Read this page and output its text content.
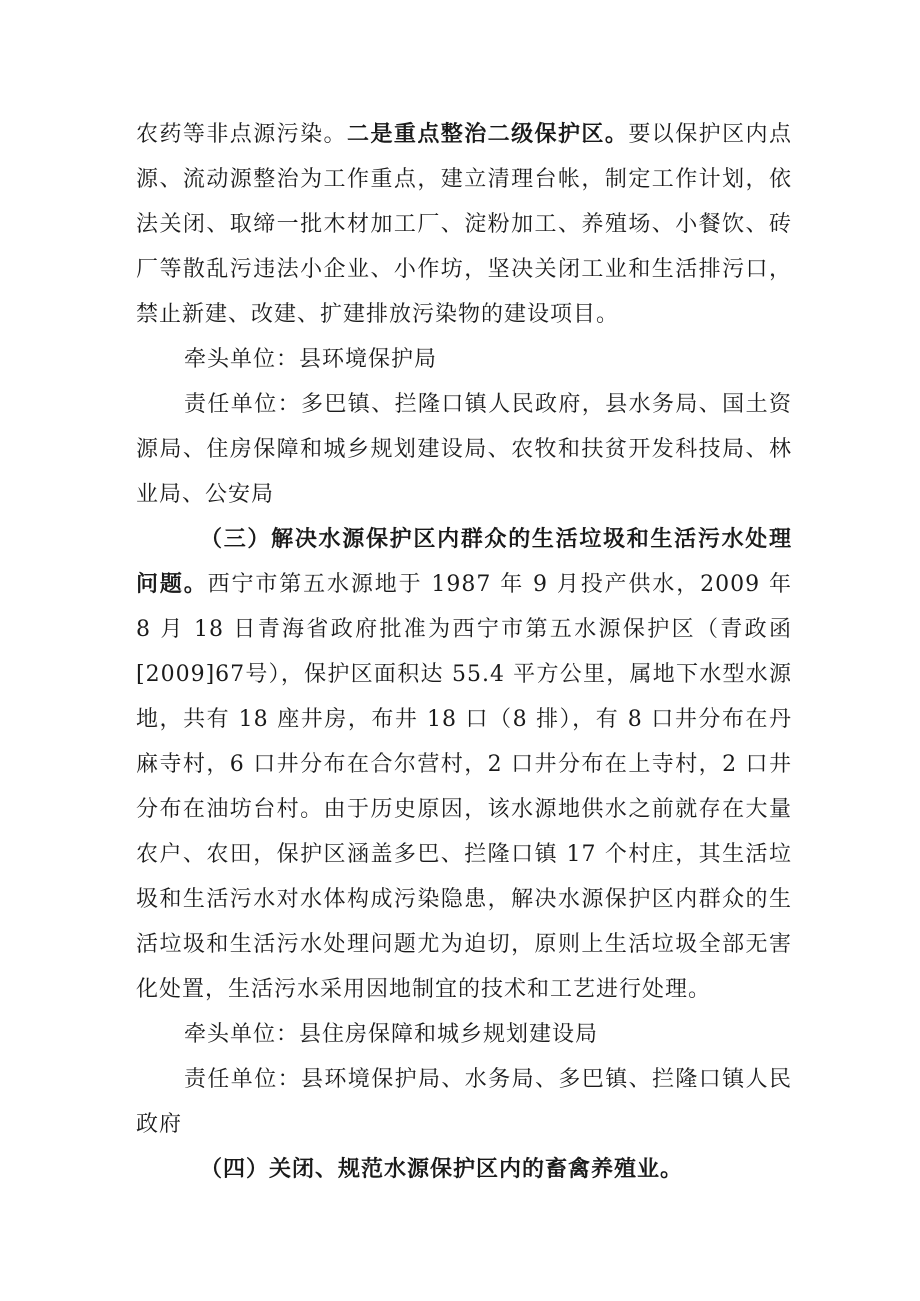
农药等非点源污染。二是重点整治二级保护区。要以保护区内点源、流动源整治为工作重点，建立清理台帐，制定工作计划，依法关闭、取缔一批木材加工厂、淀粉加工、养殖场、小餐饮、砖厂等散乱污违法小企业、小作坊，坚决关闭工业和生活排污口，禁止新建、改建、扩建排放污染物的建设项目。

牵头单位：县环境保护局

责任单位：多巴镇、拦隆口镇人民政府，县水务局、国土资源局、住房保障和城乡规划建设局、农牧和扶贫开发科技局、林业局、公安局

（三）解决水源保护区内群众的生活垃圾和生活污水处理问题。西宁市第五水源地于 1987 年 9 月投产供水，2009 年 8 月 18 日青海省政府批准为西宁市第五水源保护区（青政函[2009]67号），保护区面积达 55.4 平方公里，属地下水型水源地，共有 18 座井房，布井 18 口（8 排），有 8 口井分布在丹麻寺村，6 口井分布在合尔营村，2 口井分布在上寺村，2 口井分布在油坊台村。由于历史原因，该水源地供水之前就存在大量农户、农田，保护区涵盖多巴、拦隆口镇 17 个村庄，其生活垃圾和生活污水对水体构成污染隐患，解决水源保护区内群众的生活垃圾和生活污水处理问题尤为迫切，原则上生活垃圾全部无害化处置，生活污水采用因地制宜的技术和工艺进行处理。

牵头单位：县住房保障和城乡规划建设局

责任单位：县环境保护局、水务局、多巴镇、拦隆口镇人民政府

（四）关闭、规范水源保护区内的畜禽养殖业。
